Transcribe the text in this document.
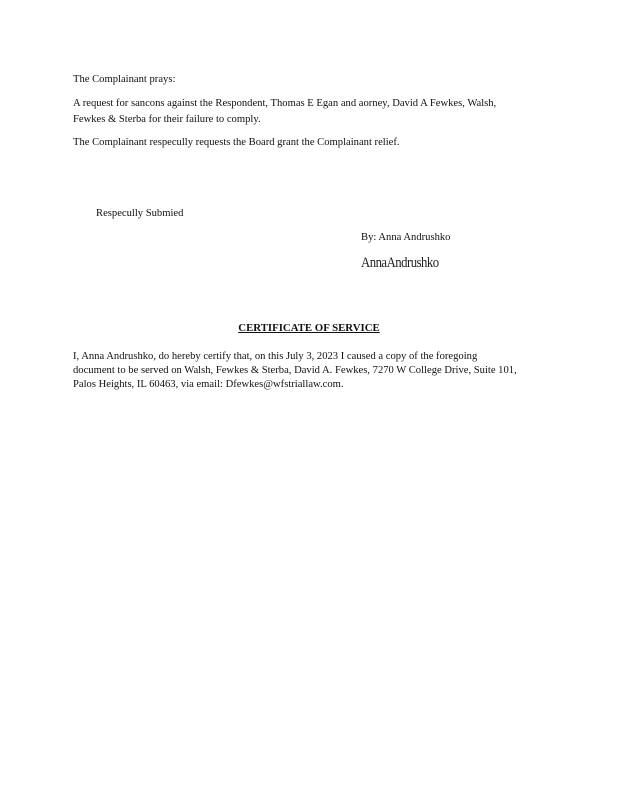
The Complainant prays:

A request for sancons against the Respondent, Thomas E Egan and aorney, David A Fewkes, Walsh,

Fewkes & Sterba for their failure to comply.

The Complainant respecully requests the Board grant the Complainant relief.

Respecully Submied

By: Anna Andrushko

AnnaAndrushko

CERTIFICATE OF SERVICE

I, Anna Andrushko, do hereby certify that, on this July 3, 2023 I caused a copy of the foregoing

document to be served on Walsh, Fewkes & Sterba, David A. Fewkes, 7270 W College Drive, Suite 101,

Palos Heights, IL 60463, via email: Dfewkes@wfstriallaw.com.
